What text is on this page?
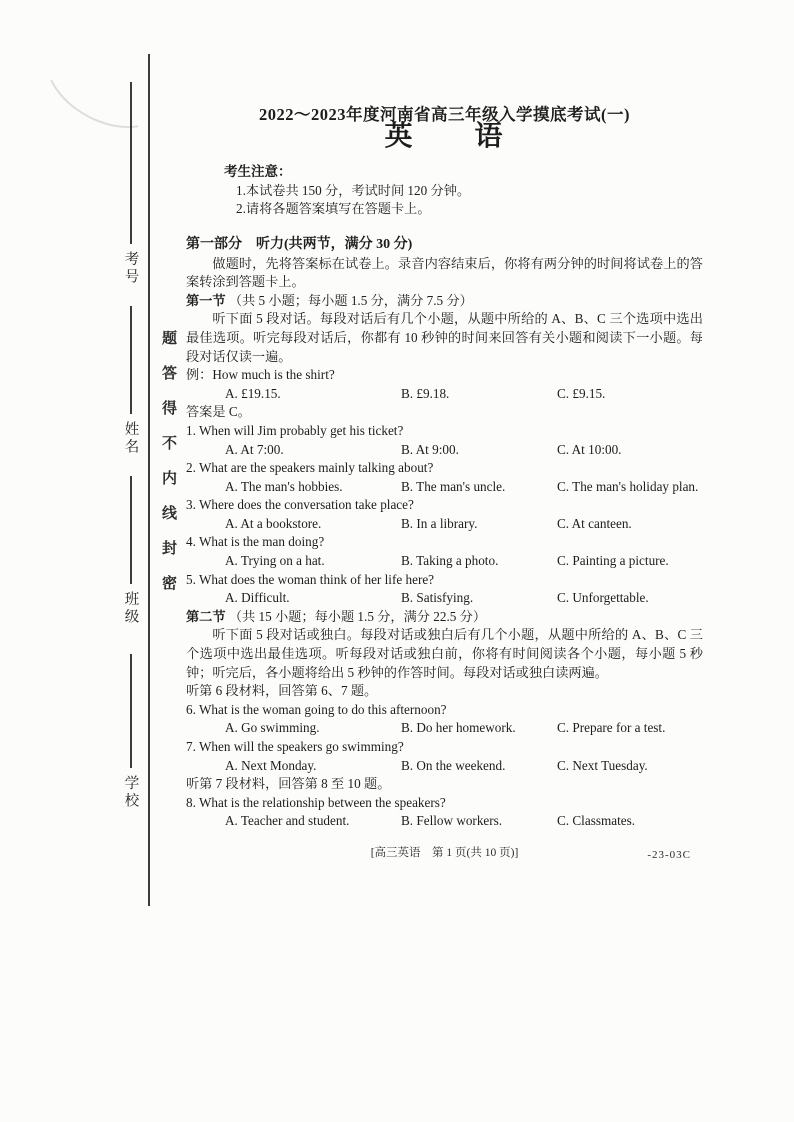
考号
姓名
班级
学校
题答得不内线封密
2022～2023年度河南省高三年级入学摸底考试(一)
英　　语
考生注意：
1.本试卷共 150 分，考试时间 120 分钟。
2.请将各题答案填写在答题卡上。
第一部分　听力(共两节，满分 30 分)
做题时，先将答案标在试卷上。录音内容结束后，你将有两分钟的时间将试卷上的答案转涂到答题卡上。
第一节 （共 5 小题；每小题 1.5 分，满分 7.5 分）
听下面 5 段对话。每段对话后有几个小题，从题中所给的 A、B、C 三个选项中选出最佳选项。听完每段对话后，你都有 10 秒钟的时间来回答有关小题和阅读下一小题。每段对话仅读一遍。
例：How much is the shirt?
A. £19.15.	B. £9.18.	C. £9.15.
答案是 C。
1. When will Jim probably get his ticket?
A. At 7:00.	B. At 9:00.	C. At 10:00.
2. What are the speakers mainly talking about?
A. The man's hobbies.	B. The man's uncle.	C. The man's holiday plan.
3. Where does the conversation take place?
A. At a bookstore.	B. In a library.	C. At canteen.
4. What is the man doing?
A. Trying on a hat.	B. Taking a photo.	C. Painting a picture.
5. What does the woman think of her life here?
A. Difficult.	B. Satisfying.	C. Unforgettable.
第二节 （共 15 小题；每小题 1.5 分，满分 22.5 分）
听下面 5 段对话或独白。每段对话或独白后有几个小题，从题中所给的 A、B、C 三个选项中选出最佳选项。听每段对话或独白前，你将有时间阅读各个小题，每小题 5 秒钟；听完后，各小题将给出 5 秒钟的作答时间。每段对话或独白读两遍。
听第 6 段材料，回答第 6、7 题。
6. What is the woman going to do this afternoon?
A. Go swimming.	B. Do her homework.	C. Prepare for a test.
7. When will the speakers go swimming?
A. Next Monday.	B. On the weekend.	C. Next Tuesday.
听第 7 段材料，回答第 8 至 10 题。
8. What is the relationship between the speakers?
A. Teacher and student.	B. Fellow workers.	C. Classmates.
[高三英语　第 1 页(共 10 页)]	-23-03C
